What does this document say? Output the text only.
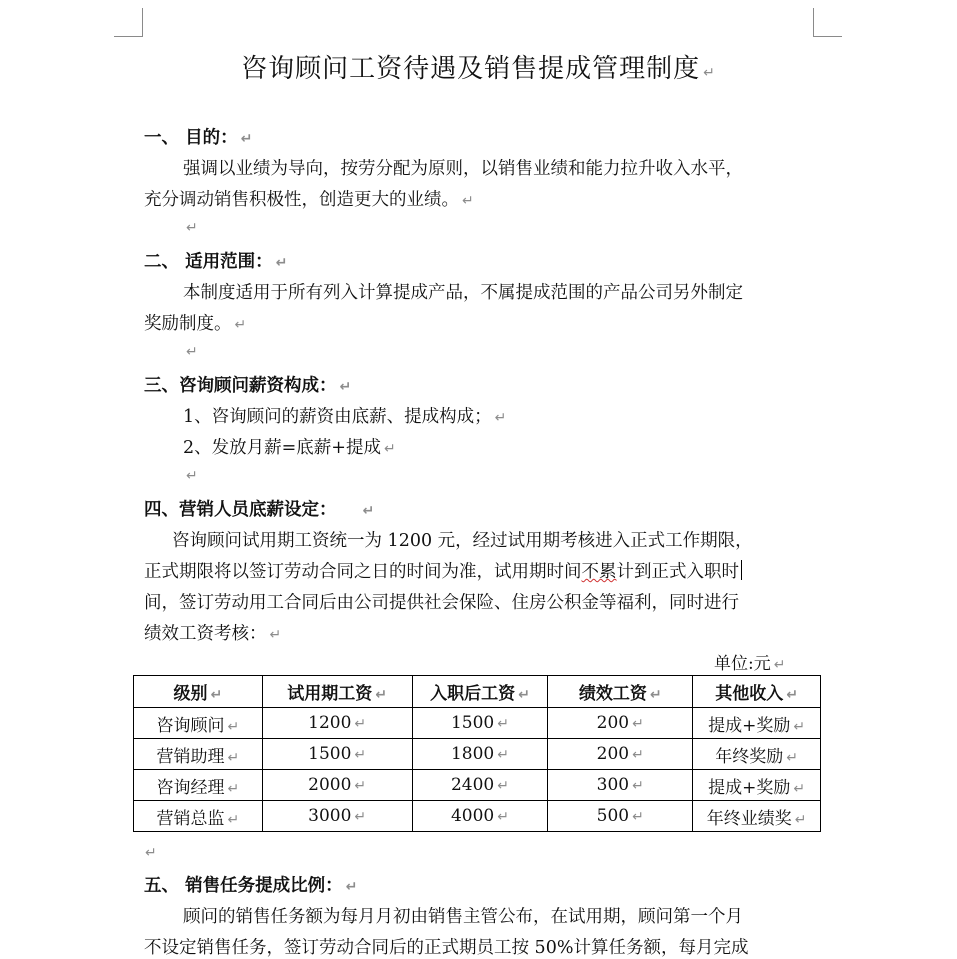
咨询顾问工资待遇及销售提成管理制度 ↵
一、 目的： ↵
强调以业绩为导向，按劳分配为原则，以销售业绩和能力拉升收入水平，
充分调动销售积极性，创造更大的业绩。 ↵
↵
二、 适用范围： ↵
本制度适用于所有列入计算提成产品，不属提成范围的产品公司另外制定
奖励制度。 ↵
↵
三、咨询顾问薪资构成： ↵
1、咨询顾问的薪资由底薪、提成构成； ↵
2、发放月薪=底薪+提成 ↵
↵
四、营销人员底薪设定： ↵
咨询顾问试用期工资统一为 1200 元，经过试用期考核进入正式工作期限，
正式期限将以签订劳动合同之日的时间为准，试用期时间不累计到正式入职时
间，签订劳动用工合同后由公司提供社会保险、住房公积金等福利，同时进行
绩效工资考核： ↵
单位:元 ↵
级别 ↵	试用期工资 ↵	入职后工资 ↵	绩效工资 ↵	其他收入 ↵
咨询顾问 ↵	1200 ↵	1500 ↵	200 ↵	提成+奖励 ↵
营销助理 ↵	1500 ↵	1800 ↵	200 ↵	年终奖励 ↵
咨询经理 ↵	2000 ↵	2400 ↵	300 ↵	提成+奖励 ↵
营销总监 ↵	3000 ↵	4000 ↵	500 ↵	年终业绩奖 ↵
↵
五、 销售任务提成比例： ↵
顾问的销售任务额为每月月初由销售主管公布，在试用期，顾问第一个月
不设定销售任务，签订劳动合同后的正式期员工按 50%计算任务额，每月完成
